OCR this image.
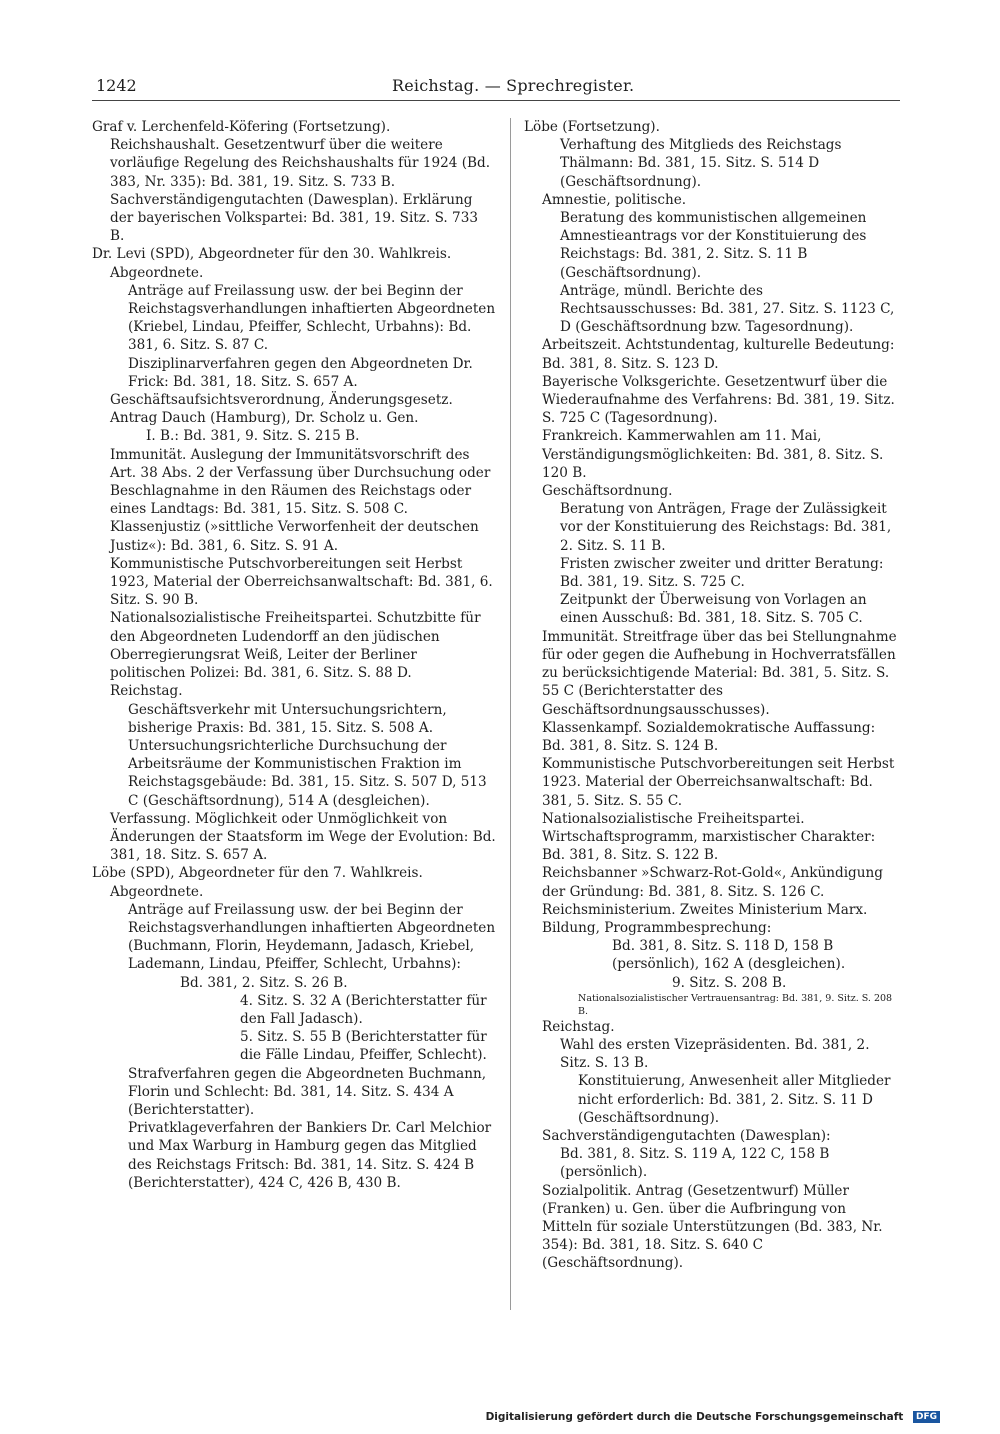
1242	Reichstag. — Sprechregister.

Graf v. Lerchenfeld-Köfering (Fortsetzung).

Reichshaushalt. Gesetzentwurf über die weitere vorläufige Regelung des Reichshaushalts für 1924 (Bd. 383, Nr. 335): Bd. 381, 19. Sitz. S. 733 B.

Sachverständigengutachten (Dawesplan). Erklärung der bayerischen Volkspartei: Bd. 381, 19. Sitz. S. 733 B.

Dr. Levi (SPD), Abgeordneter für den 30. Wahlkreis.

Abgeordnete.

Anträge auf Freilassung usw. der bei Beginn der Reichstagsverhandlungen inhaftierten Abgeordneten (Kriebel, Lindau, Pfeiffer, Schlecht, Urbahns): Bd. 381, 6. Sitz. S. 87 C.

Disziplinarverfahren gegen den Abgeordneten Dr. Frick: Bd. 381, 18. Sitz. S. 657 A.

Geschäftsaufsichtsverordnung, Änderungsgesetz. Antrag Dauch (Hamburg), Dr. Scholz u. Gen.

I. B.: Bd. 381, 9. Sitz. S. 215 B.

Immunität. Auslegung der Immunitätsvorschrift des Art. 38 Abs. 2 der Verfassung über Durchsuchung oder Beschlagnahme in den Räumen des Reichstags oder eines Landtags: Bd. 381, 15. Sitz. S. 508 C.

Klassenjustiz (»sittliche Verworfenheit der deutschen Justiz«): Bd. 381, 6. Sitz. S. 91 A.

Kommunistische Putschvorbereitungen seit Herbst 1923, Material der Oberreichsanwaltschaft: Bd. 381, 6. Sitz. S. 90 B.

Nationalsozialistische Freiheitspartei. Schutzbitte für den Abgeordneten Ludendorff an den jüdischen Oberregierungsrat Weiß, Leiter der Berliner politischen Polizei: Bd. 381, 6. Sitz. S. 88 D.

Reichstag.

Geschäftsverkehr mit Untersuchungsrichtern, bisherige Praxis: Bd. 381, 15. Sitz. S. 508 A.

Untersuchungsrichterliche Durchsuchung der Arbeitsräume der Kommunistischen Fraktion im Reichstagsgebäude: Bd. 381, 15. Sitz. S. 507 D, 513 C (Geschäftsordnung), 514 A (desgleichen).

Verfassung. Möglichkeit oder Unmöglichkeit von Änderungen der Staatsform im Wege der Evolution: Bd. 381, 18. Sitz. S. 657 A.

Löbe (SPD), Abgeordneter für den 7. Wahlkreis.

Abgeordnete.

Anträge auf Freilassung usw. der bei Beginn der Reichstagsverhandlungen inhaftierten Abgeordneten (Buchmann, Florin, Heydemann, Jadasch, Kriebel, Lademann, Lindau, Pfeiffer, Schlecht, Urbahns):

Bd. 381, 2. Sitz. S. 26 B.

4. Sitz. S. 32 A (Berichterstatter für den Fall Jadasch).

5. Sitz. S. 55 B (Berichterstatter für die Fälle Lindau, Pfeiffer, Schlecht).

Strafverfahren gegen die Abgeordneten Buchmann, Florin und Schlecht: Bd. 381, 14. Sitz. S. 434 A (Berichterstatter).

Privatklageverfahren der Bankiers Dr. Carl Melchior und Max Warburg in Hamburg gegen das Mitglied des Reichstags Fritsch: Bd. 381, 14. Sitz. S. 424 B (Berichterstatter), 424 C, 426 B, 430 B.

Löbe (Fortsetzung).

Verhaftung des Mitglieds des Reichstags Thälmann: Bd. 381, 15. Sitz. S. 514 D (Geschäftsordnung).

Amnestie, politische.

Beratung des kommunistischen allgemeinen Amnestieantrags vor der Konstituierung des Reichstags: Bd. 381, 2. Sitz. S. 11 B (Geschäftsordnung).

Anträge, mündl. Berichte des Rechtsausschusses: Bd. 381, 27. Sitz. S. 1123 C, D (Geschäftsordnung bzw. Tagesordnung).

Arbeitszeit. Achtstundentag, kulturelle Bedeutung: Bd. 381, 8. Sitz. S. 123 D.

Bayerische Volksgerichte. Gesetzentwurf über die Wiederaufnahme des Verfahrens: Bd. 381, 19. Sitz. S. 725 C (Tagesordnung).

Frankreich. Kammerwahlen am 11. Mai, Verständigungsmöglichkeiten: Bd. 381, 8. Sitz. S. 120 B.

Geschäftsordnung.

Beratung von Anträgen, Frage der Zulässigkeit vor der Konstituierung des Reichstags: Bd. 381, 2. Sitz. S. 11 B.

Fristen zwischer zweiter und dritter Beratung: Bd. 381, 19. Sitz. S. 725 C.

Zeitpunkt der Überweisung von Vorlagen an einen Ausschuß: Bd. 381, 18. Sitz. S. 705 C.

Immunität. Streitfrage über das bei Stellungnahme für oder gegen die Aufhebung in Hochverratsfällen zu berücksichtigende Material: Bd. 381, 5. Sitz. S. 55 C (Berichterstatter des Geschäftsordnungsausschusses).

Klassenkampf. Sozialdemokratische Auffassung: Bd. 381, 8. Sitz. S. 124 B.

Kommunistische Putschvorbereitungen seit Herbst 1923. Material der Oberreichsanwaltschaft: Bd. 381, 5. Sitz. S. 55 C.

Nationalsozialistische Freiheitspartei. Wirtschaftsprogramm, marxistischer Charakter: Bd. 381, 8. Sitz. S. 122 B.

Reichsbanner »Schwarz-Rot-Gold«, Ankündigung der Gründung: Bd. 381, 8. Sitz. S. 126 C.

Reichsministerium. Zweites Ministerium Marx. Bildung, Programmbesprechung:

Bd. 381, 8. Sitz. S. 118 D, 158 B (persönlich), 162 A (desgleichen).

9. Sitz. S. 208 B.

Nationalsozialistischer Vertrauensantrag: Bd. 381, 9. Sitz. S. 208 B.

Reichstag.

Wahl des ersten Vizepräsidenten. Bd. 381, 2. Sitz. S. 13 B.

Konstituierung, Anwesenheit aller Mitglieder nicht erforderlich: Bd. 381, 2. Sitz. S. 11 D (Geschäftsordnung).

Sachverständigengutachten (Dawesplan):

Bd. 381, 8. Sitz. S. 119 A, 122 C, 158 B (persönlich).

Sozialpolitik. Antrag (Gesetzentwurf) Müller (Franken) u. Gen. über die Aufbringung von Mitteln für soziale Unterstützungen (Bd. 383, Nr. 354): Bd. 381, 18. Sitz. S. 640 C (Geschäftsordnung).

Digitalisierung gefördert durch die Deutsche Forschungsgemeinschaft DFG
